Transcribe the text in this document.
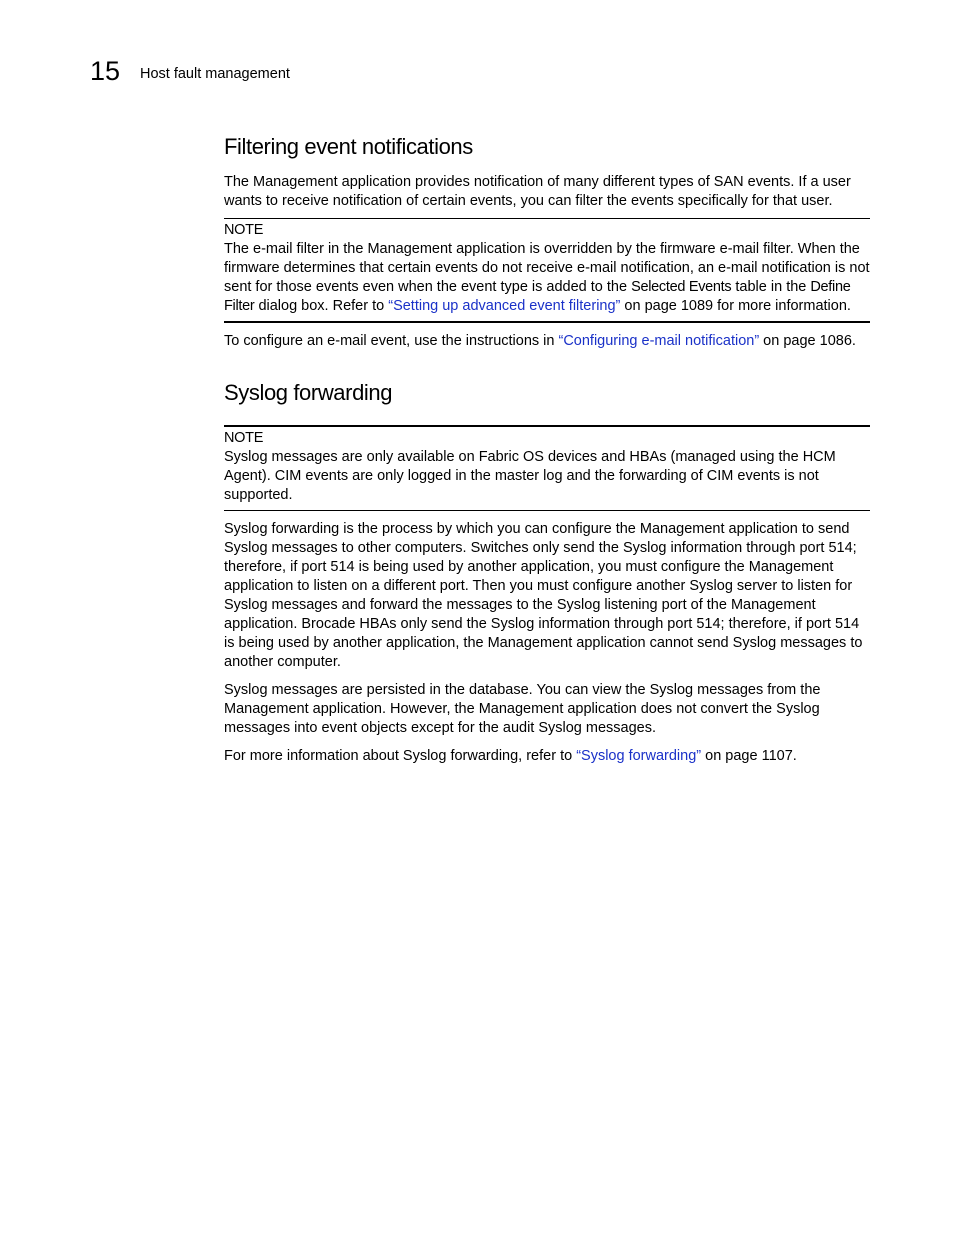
15 Host fault management
Filtering event notifications

The Management application provides notification of many different types of SAN events. If a user wants to receive notification of certain events, you can filter the events specifically for that user.

NOTE

The e-mail filter in the Management application is overridden by the firmware e-mail filter. When the firmware determines that certain events do not receive e-mail notification, an e-mail notification is not sent for those events even when the event type is added to the Selected Events table in the Define Filter dialog box. Refer to “Setting up advanced event filtering” on page 1089 for more information.

To configure an e-mail event, use the instructions in “Configuring e-mail notification” on page 1086.

Syslog forwarding
NOTE

Syslog messages are only available on Fabric OS devices and HBAs (managed using the HCM Agent). CIM events are only logged in the master log and the forwarding of CIM events is not supported.

Syslog forwarding is the process by which you can configure the Management application to send Syslog messages to other computers. Switches only send the Syslog information through port 514; therefore, if port 514 is being used by another application, you must configure the Management application to listen on a different port. Then you must configure another Syslog server to listen for Syslog messages and forward the messages to the Syslog listening port of the Management application. Brocade HBAs only send the Syslog information through port 514; therefore, if port 514 is being used by another application, the Management application cannot send Syslog messages to another computer.

Syslog messages are persisted in the database. You can view the Syslog messages from the Management application. However, the Management application does not convert the Syslog messages into event objects except for the audit Syslog messages.

For more information about Syslog forwarding, refer to “Syslog forwarding” on page 1107.
